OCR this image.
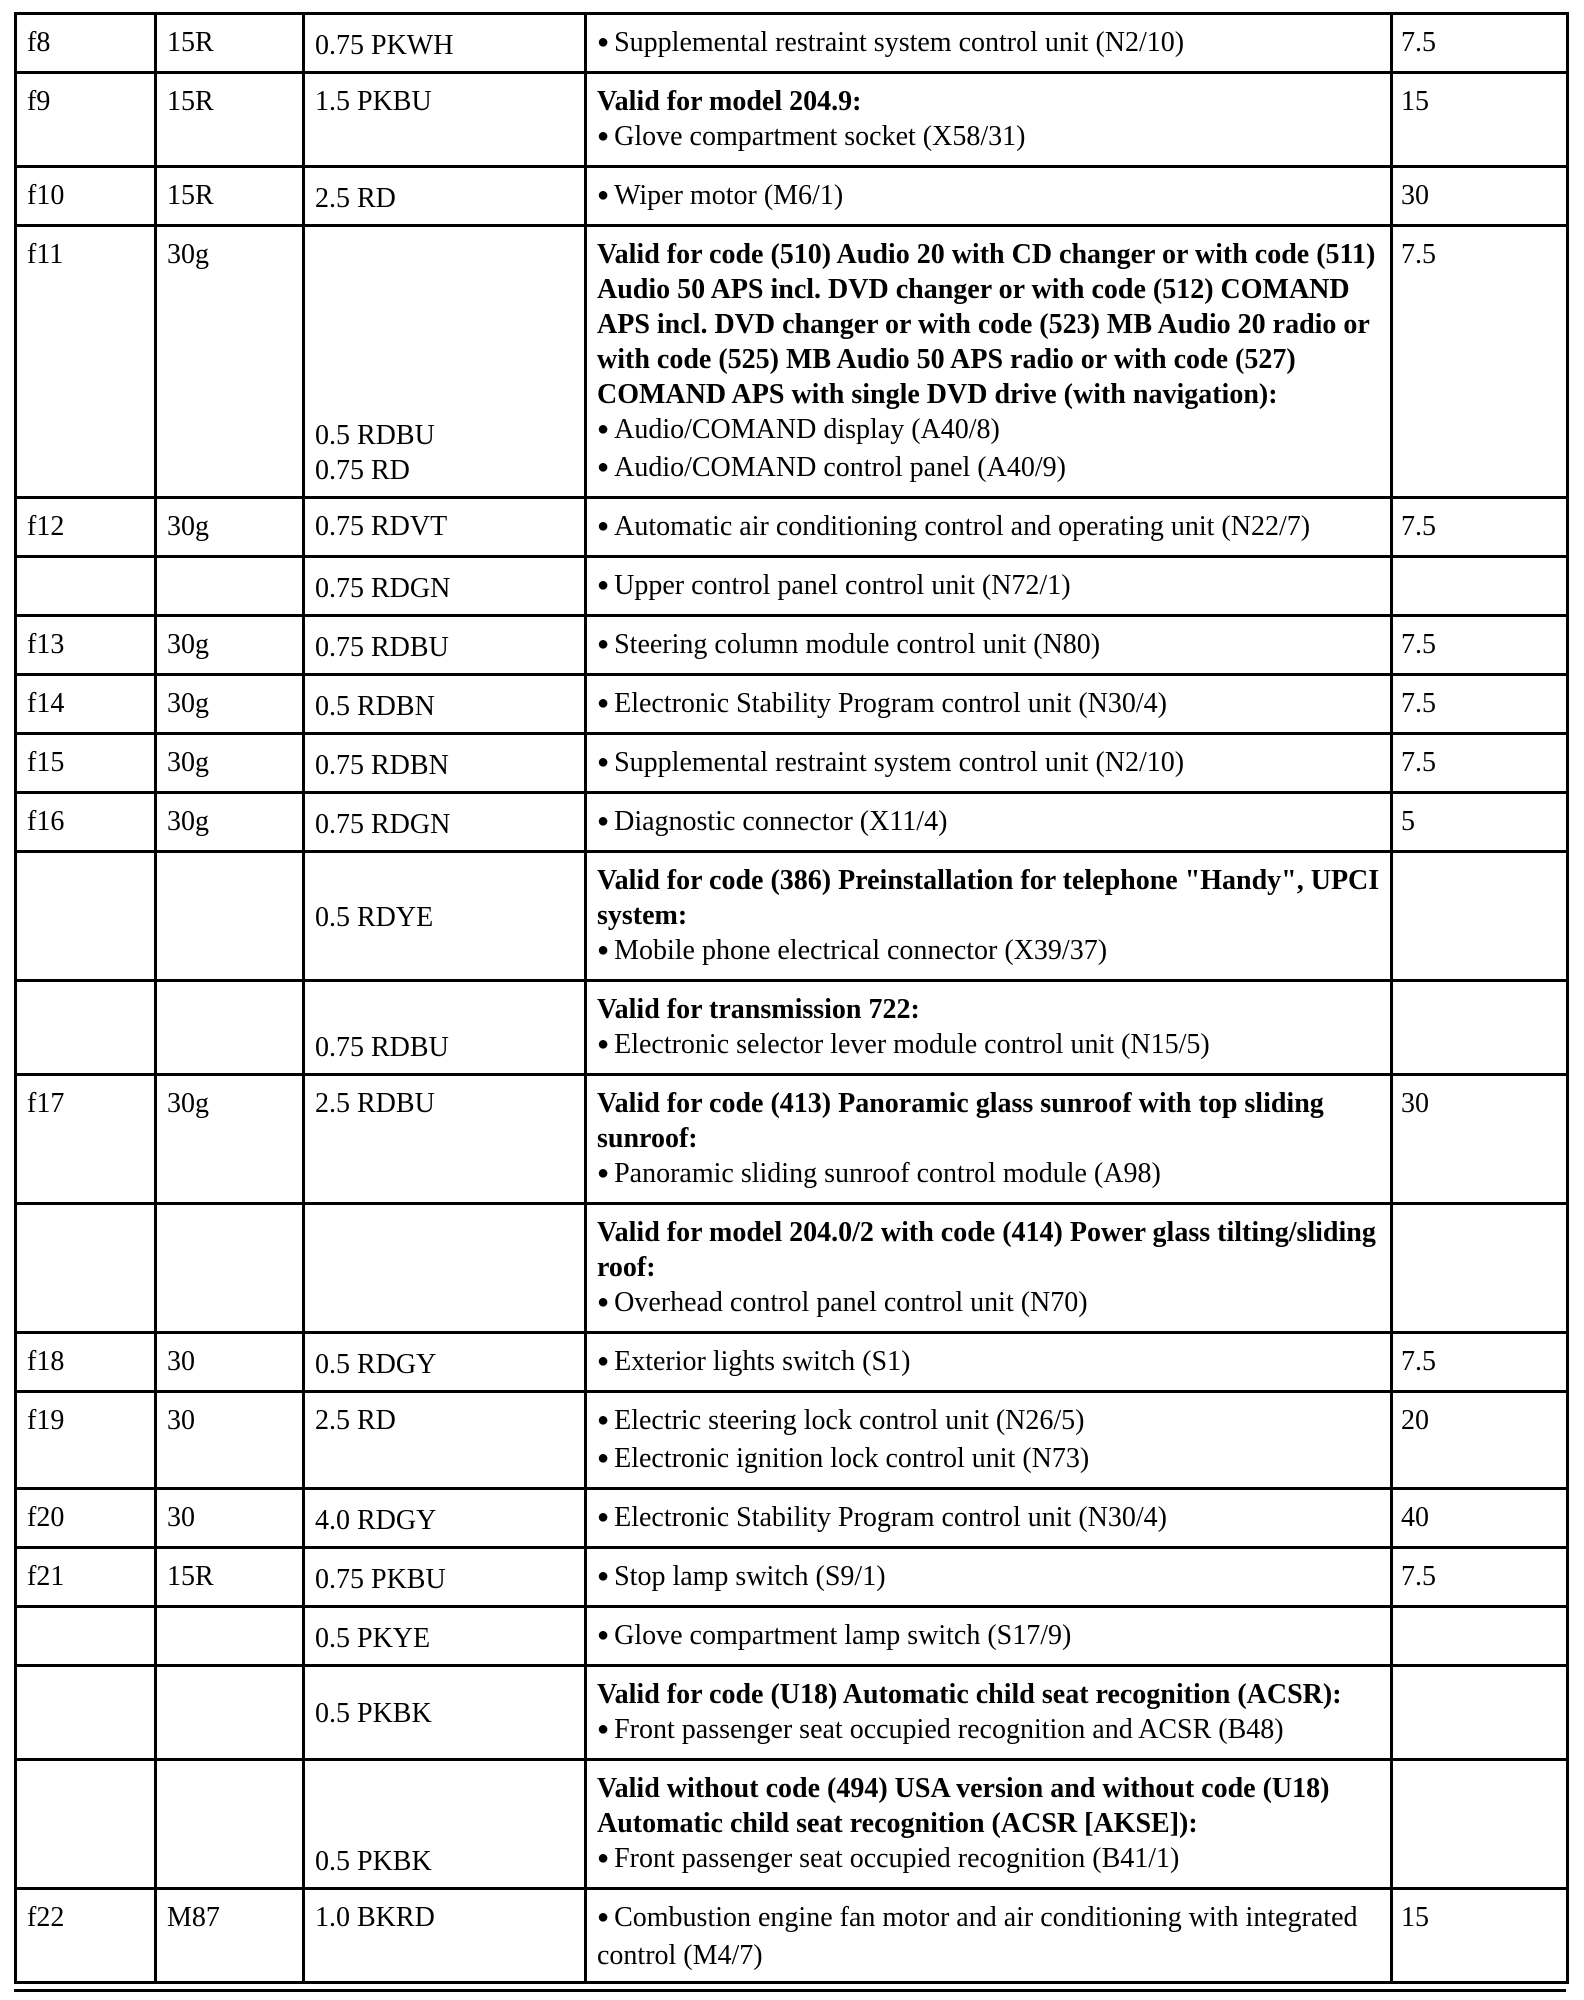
f8	15R	0.75 PKWH	● Supplemental restraint system control unit (N2/10)	7.5
f9	15R	1.5 PKBU	Valid for model 204.9:
● Glove compartment socket (X58/31)	15
f10	15R	2.5 RD	● Wiper motor (M6/1)	30
f11	30g	0.5 RDBU
0.75 RD	Valid for code (510) Audio 20 with CD changer or with code (511) Audio 50 APS incl. DVD changer or with code (512) COMAND APS incl. DVD changer or with code (523) MB Audio 20 radio or with code (525) MB Audio 50 APS radio or with code (527) COMAND APS with single DVD drive (with navigation):
● Audio/COMAND display (A40/8)
● Audio/COMAND control panel (A40/9)	7.5
f12	30g	0.75 RDVT	● Automatic air conditioning control and operating unit (N22/7)	7.5

		0.75 RDGN	● Upper control panel control unit (N72/1)

f13	30g	0.75 RDBU	● Steering column module control unit (N80)	7.5
f14	30g	0.5 RDBN	● Electronic Stability Program control unit (N30/4)	7.5
f15	30g	0.75 RDBN	● Supplemental restraint system control unit (N2/10)	7.5
f16	30g	0.75 RDGN	● Diagnostic connector (X11/4)	5

		0.5 RDYE	Valid for code (386) Preinstallation for telephone "Handy", UPCI system:
● Mobile phone electrical connector (X39/37)

		0.75 RDBU	Valid for transmission 722:
● Electronic selector lever module control unit (N15/5)

f17	30g	2.5 RDBU	Valid for code (413) Panoramic glass sunroof with top sliding sunroof:
● Panoramic sliding sunroof control module (A98)	30

			Valid for model 204.0/2 with code (414) Power glass tilting/sliding roof:
● Overhead control panel control unit (N70)

f18	30	0.5 RDGY	● Exterior lights switch (S1)	7.5
f19	30	2.5 RD	● Electric steering lock control unit (N26/5)
● Electronic ignition lock control unit (N73)	20
f20	30	4.0 RDGY	● Electronic Stability Program control unit (N30/4)	40
f21	15R	0.75 PKBU	● Stop lamp switch (S9/1)	7.5

		0.5 PKYE	● Glove compartment lamp switch (S17/9)

		0.5 PKBK	Valid for code (U18) Automatic child seat recognition (ACSR):
● Front passenger seat occupied recognition and ACSR (B48)

		0.5 PKBK	Valid without code (494) USA version and without code (U18) Automatic child seat recognition (ACSR [AKSE]):
● Front passenger seat occupied recognition (B41/1)

f22	M87	1.0 BKRD	● Combustion engine fan motor and air conditioning with integrated control (M4/7)	15
